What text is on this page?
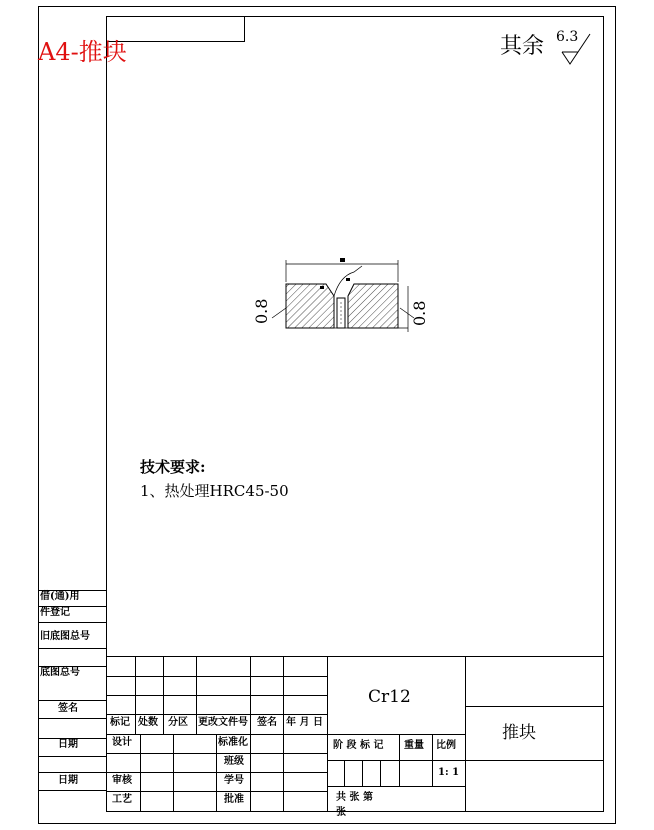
A4-推块	其余 6.3
0.8	0.8
技术要求:
1、热处理HRC45-50
借(通)用
件登记
旧底图总号
底图总号
签名
日期
日期
标记 处数 分区 更改文件号 签名 年 月 日
设计	标准化
班级
审核	学号
工艺	批准
Cr12
阶 段 标 记 重量 比例
1: 1
共 张 第
张
推块
